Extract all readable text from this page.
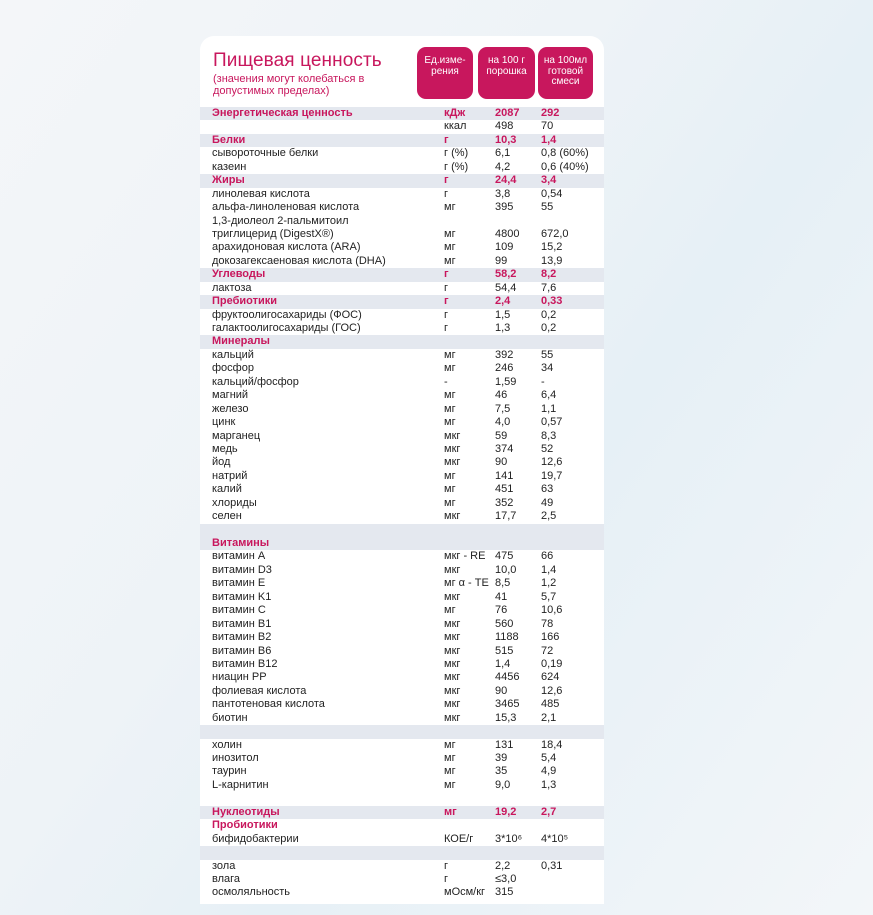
Пищевая ценность
(значения могут колебаться в допустимых пределах)
Ед.изме-
рения
на 100 г
порошка
на 100мл
готовой
смеси
Энергетическая ценность	кДж	2087 292
ккал	498	70
Белки	г	10,3 1,4
сывороточные белки	г (%) 6,1	0,8 (60%)
казеин	г (%) 4,2	0,6 (40%)
Жиры	г	24,4 3,4
линолевая кислота	г	3,8	0,54
альфа-линоленовая кислота	мг	395	55
1,3-диолеол 2-пальмитоил
триглицерид (DigestX®)	мг	4800 672,0
арахидоновая кислота (ARA)	мг	109	15,2
докозагексаеновая кислота (DHA)	мг	99	13,9
Углеводы	г	58,2 8,2
лактоза	г	54,4 7,6
Пребиотики	г	2,4	0,33
фруктоолигосахариды (ФОС)	г	1,5	0,2
галактоолигосахариды (ГОС)	г	1,3	0,2
Минералы
кальций	мг	392	55
фосфор	мг	246	34
кальций/фосфор	-	1,59 -
магний	мг	46	6,4
железо	мг	7,5	1,1
цинк	мг	4,0	0,57
марганец	мкг	59	8,3
медь	мкг	374	52
йод	мкг	90	12,6
натрий	мг	141	19,7
калий	мг	451	63
хлориды	мг	352	49
селен	мкг	17,7 2,5
Витамины
витамин А	мкг - RE 475	66
витамин D3	мкг	10,0 1,4
витамин Е	мг α - TE 8,5	1,2
витамин K1	мкг	41	5,7
витамин С	мг	76	10,6
витамин В1	мкг	560	78
витамин В2	мкг	1188 166
витамин В6	мкг	515	72
витамин В12	мкг	1,4	0,19
ниацин PP	мкг	4456 624
фолиевая кислота	мкг	90	12,6
пантотеновая кислота	мкг	3465 485
биотин	мкг	15,3 2,1
холин	мг	131	18,4
инозитол	мг	39	5,4
таурин	мг	35	4,9
L-карнитин	мг	9,0	1,3
Нуклеотиды	мг	19,2 2,7
Пробиотики
бифидобактерии	КОЕ/г 3*10⁶ 4*10⁵
зола	г	2,2	0,31
влага	г	≤3,0
осмоляльность	мОсм/кг 315
